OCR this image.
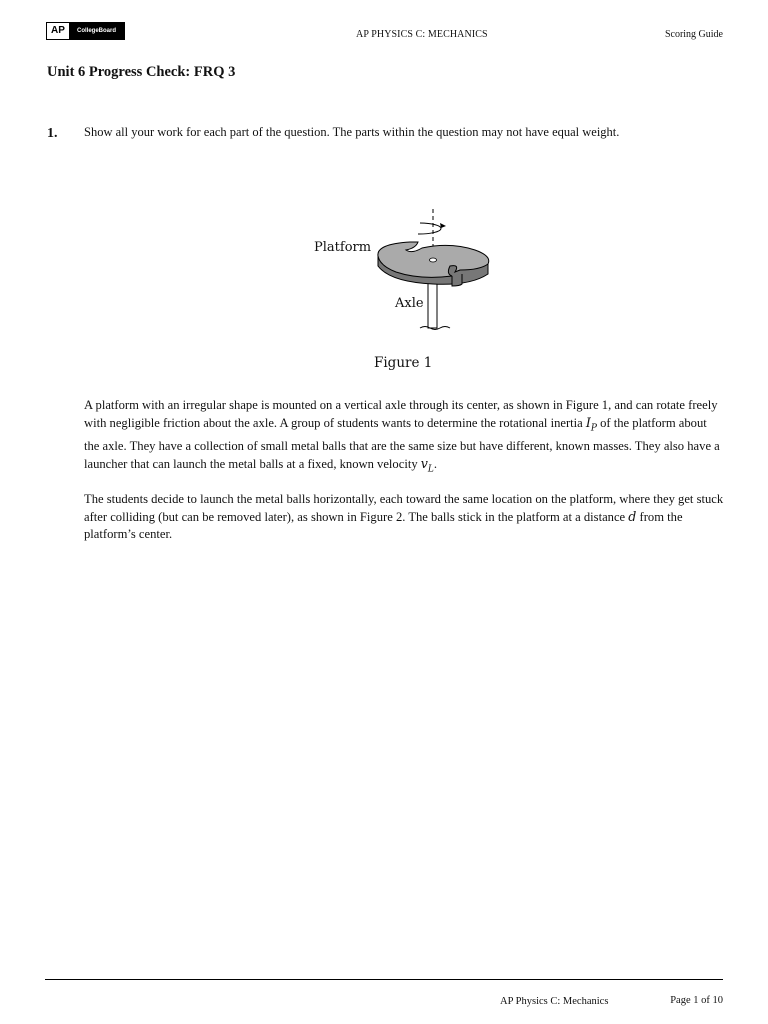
AP	CollegeBoard	AP PHYSICS C: MECHANICS	Scoring Guide
Unit 6 Progress Check: FRQ 3
1. Show all your work for each part of the question. The parts within the question may not have equal weight.
Platform
Axle
Figure 1

A platform with an irregular shape is mounted on a vertical axle through its center, as shown in Figure 1, and can rotate freely with negligible friction about the axle. A group of students wants to determine the rotational inertia $I_P$ of the platform about the axle. They have a collection of small metal balls that are the same size but have different, known masses. They also have a launcher that can launch the metal balls at a fixed, known velocity $v_L$.

The students decide to launch the metal balls horizontally, each toward the same location on the platform, where they get stuck after colliding (but can be removed later), as shown in Figure 2. The balls stick in the platform at a distance d from the platform’s center.

AP Physics C: Mechanics	Page 1 of 10
